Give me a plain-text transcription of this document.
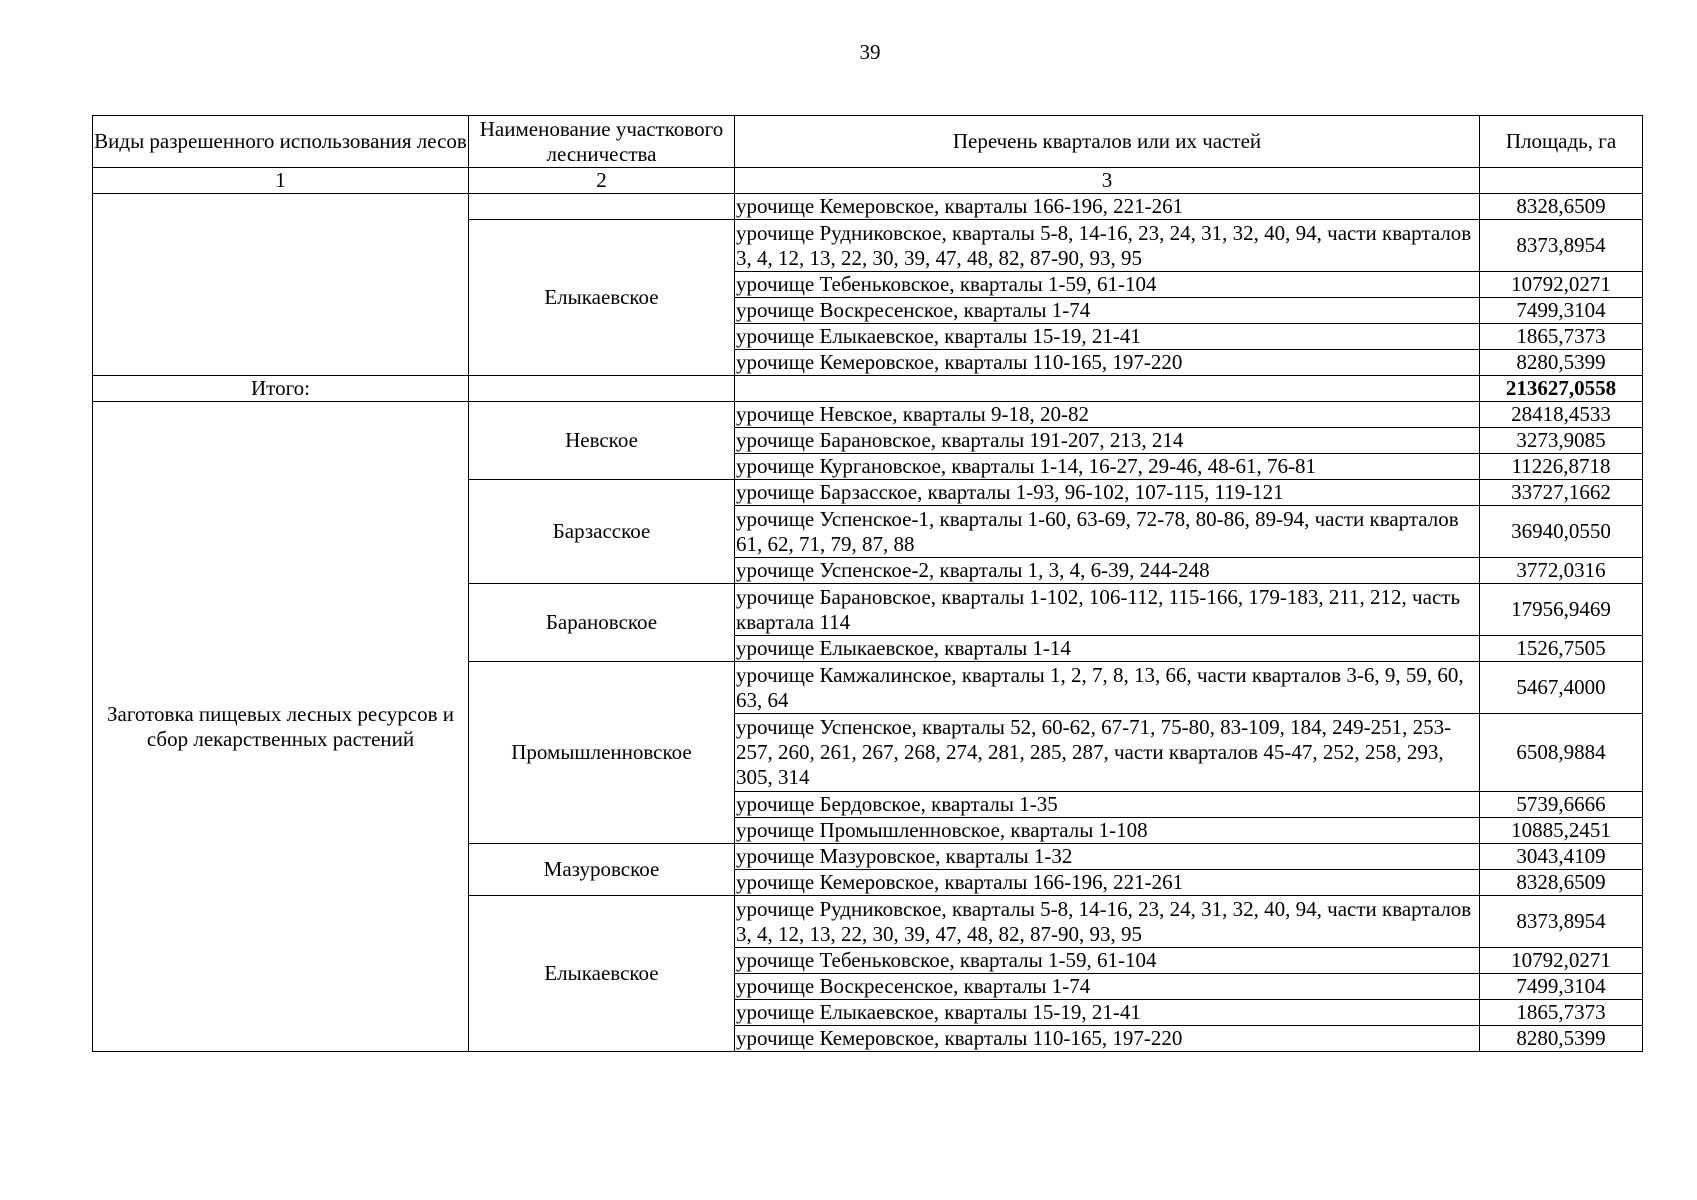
39
Виды разрешенного использования лесов	Наименование участкового лесничества	Перечень кварталов или их частей	Площадь, га
1	2	3	
		урочище Кемеровское, кварталы 166-196, 221-261	8328,6509
	Елыкаевское	урочище Рудниковское, кварталы 5-8, 14-16, 23, 24, 31, 32, 40, 94, части кварталов 3, 4, 12, 13, 22, 30, 39, 47, 48, 82, 87-90, 93, 95	8373,8954
		урочище Тебеньковское, кварталы 1-59, 61-104	10792,0271
		урочище Воскресенское, кварталы 1-74	7499,3104
		урочище Елыкаевское, кварталы 15-19, 21-41	1865,7373
		урочище Кемеровское, кварталы 110-165, 197-220	8280,5399
Итого:			213627,0558
Заготовка пищевых лесных ресурсов и сбор лекарственных растений	Невское	урочище Невское, кварталы 9-18, 20-82	28418,4533
		урочище Барановское, кварталы 191-207, 213, 214	3273,9085
		урочище Кургановское, кварталы 1-14, 16-27, 29-46, 48-61, 76-81	11226,8718
	Барзасское	урочище Барзасское, кварталы 1-93, 96-102, 107-115, 119-121	33727,1662
		урочище Успенское-1, кварталы 1-60, 63-69, 72-78, 80-86, 89-94, части кварталов 61, 62, 71, 79, 87, 88	36940,0550
		урочище Успенское-2, кварталы 1, 3, 4, 6-39, 244-248	3772,0316
	Барановское	урочище Барановское, кварталы 1-102, 106-112, 115-166, 179-183, 211, 212, часть квартала 114	17956,9469
		урочище Елыкаевское, кварталы 1-14	1526,7505
	Промышленновское	урочище Камжалинское, кварталы 1, 2, 7, 8, 13, 66, части кварталов 3-6, 9, 59, 60, 63, 64	5467,4000
		урочище Успенское, кварталы 52, 60-62, 67-71, 75-80, 83-109, 184, 249-251, 253-257, 260, 261, 267, 268, 274, 281, 285, 287, части кварталов 45-47, 252, 258, 293, 305, 314	6508,9884
		урочище Бердовское, кварталы 1-35	5739,6666
		урочище Промышленновское, кварталы 1-108	10885,2451
	Мазуровское	урочище Мазуровское, кварталы 1-32	3043,4109
		урочище Кемеровское, кварталы 166-196, 221-261	8328,6509
	Елыкаевское	урочище Рудниковское, кварталы 5-8, 14-16, 23, 24, 31, 32, 40, 94, части кварталов 3, 4, 12, 13, 22, 30, 39, 47, 48, 82, 87-90, 93, 95	8373,8954
		урочище Тебеньковское, кварталы 1-59, 61-104	10792,0271
		урочище Воскресенское, кварталы 1-74	7499,3104
		урочище Елыкаевское, кварталы 15-19, 21-41	1865,7373
		урочище Кемеровское, кварталы 110-165, 197-220	8280,5399
